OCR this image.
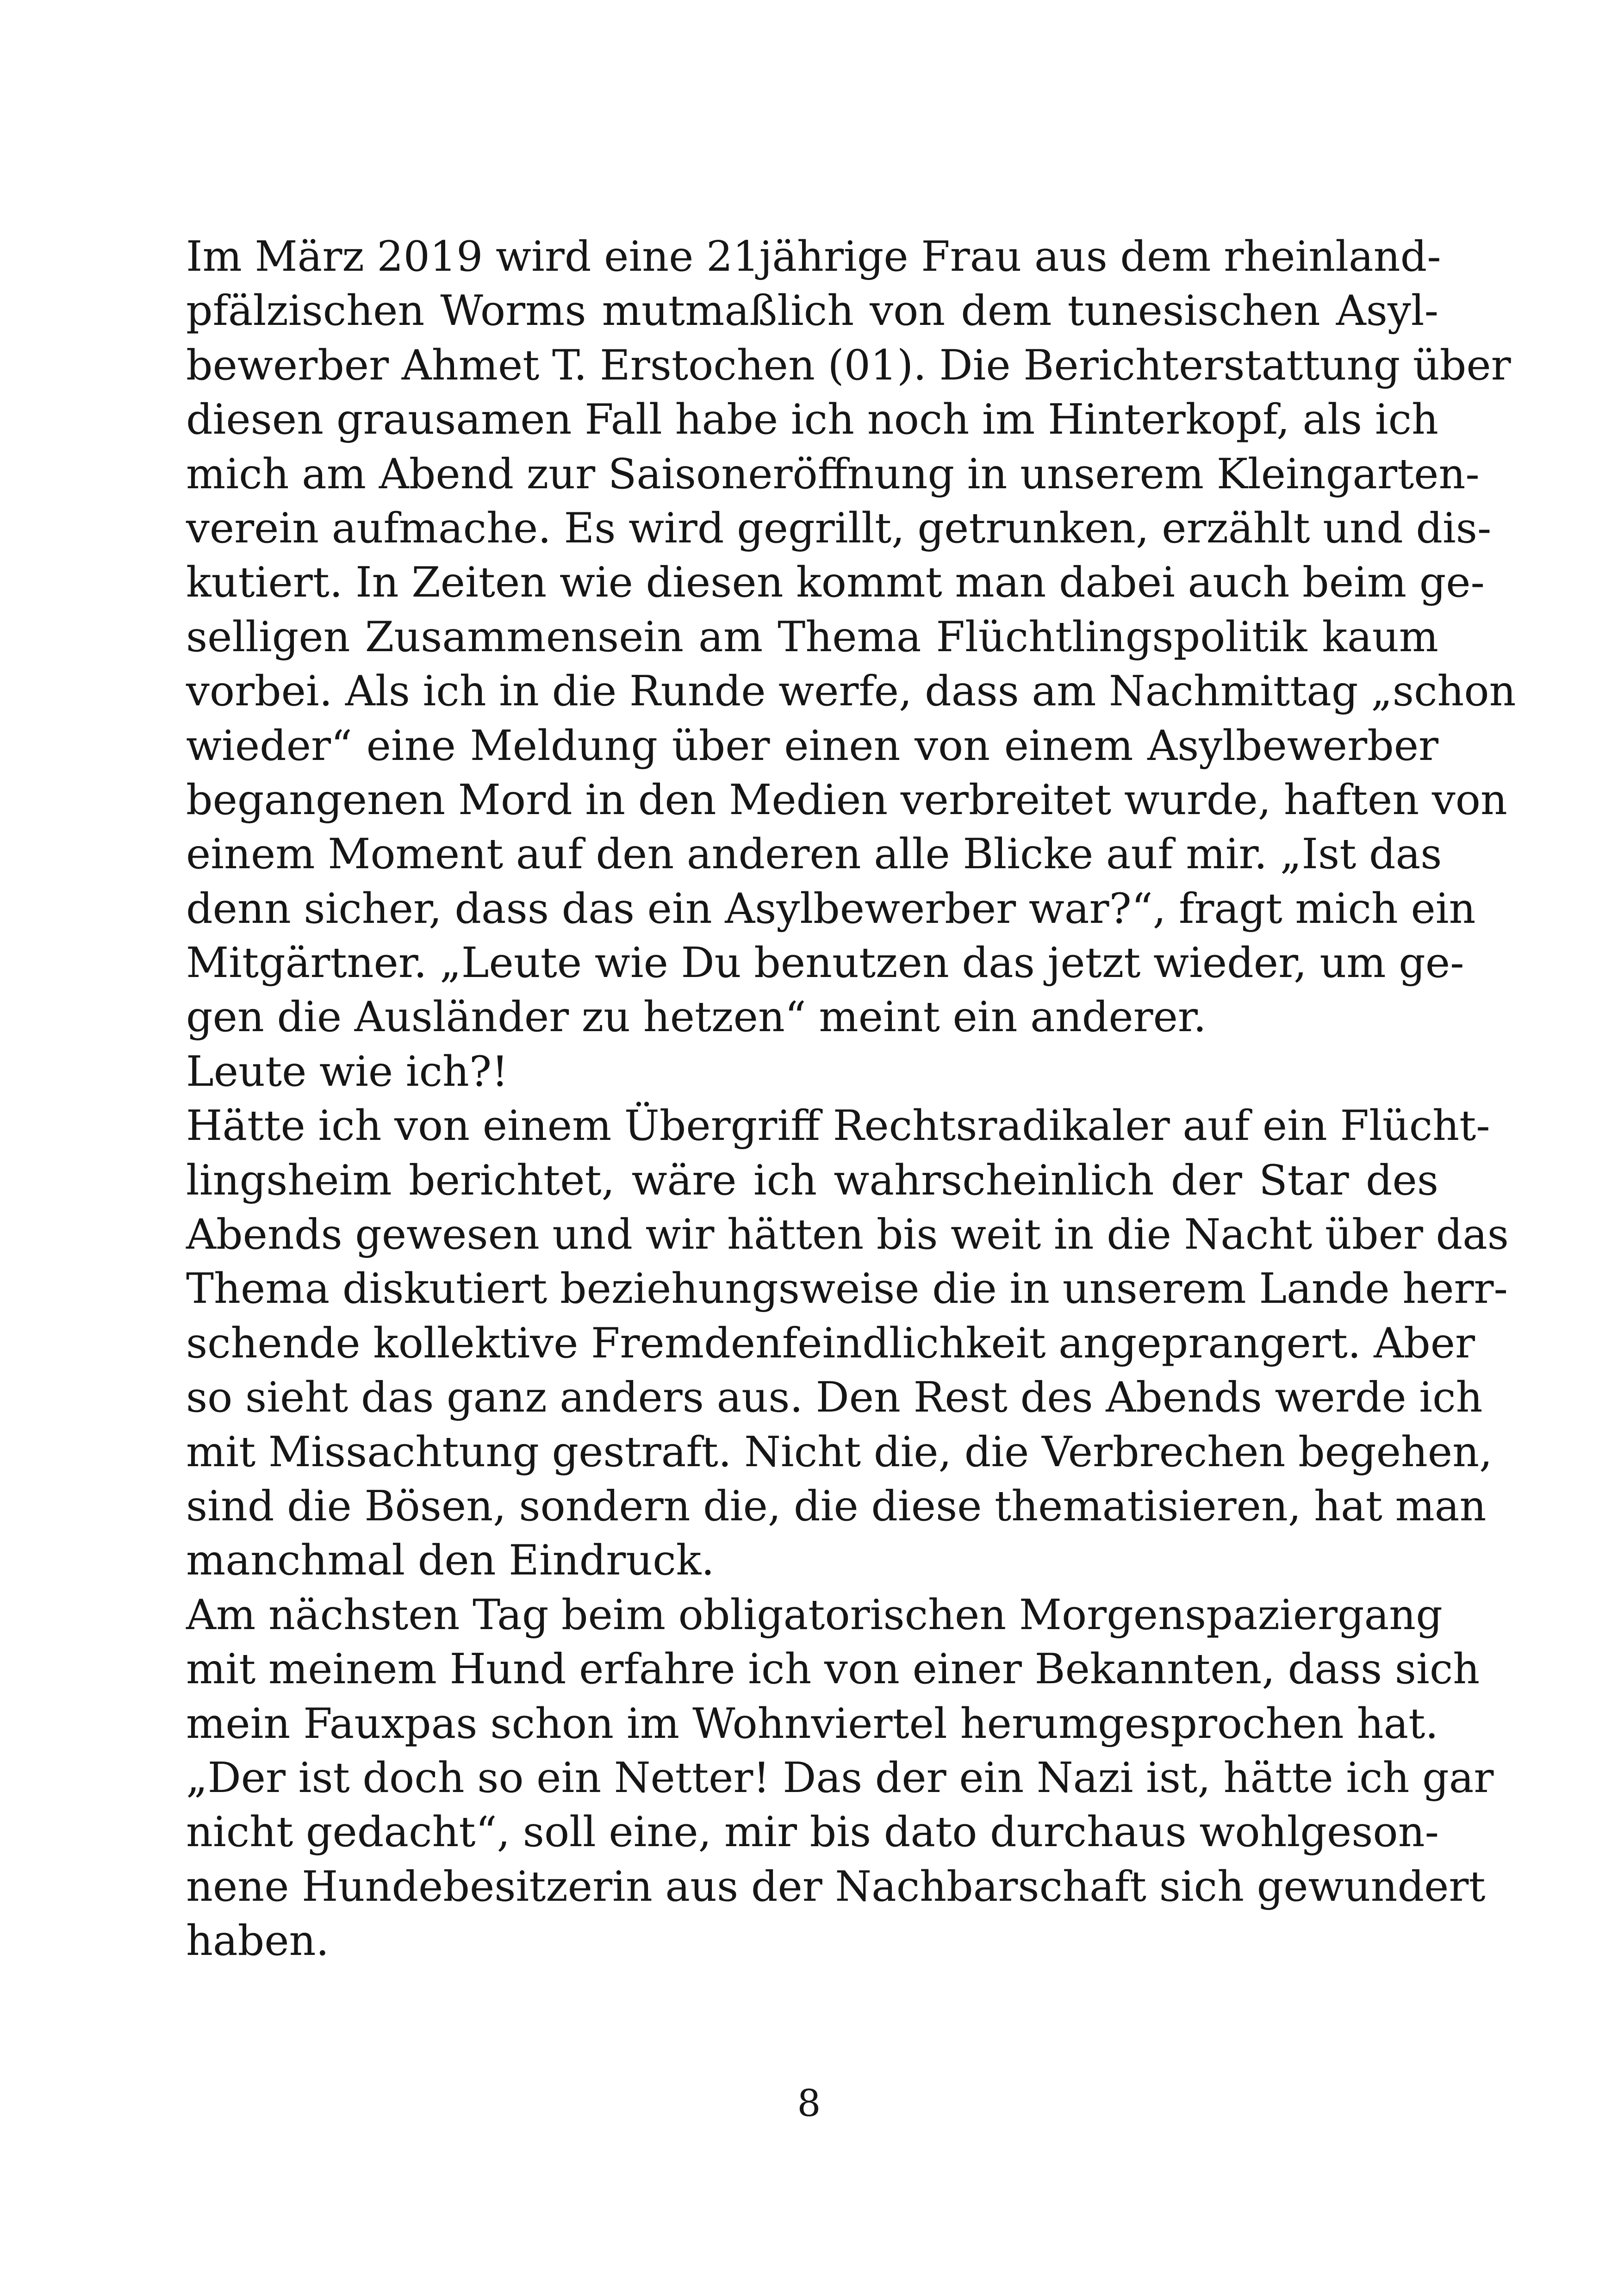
Im März 2019 wird eine 21jährige Frau aus dem rheinland-
pfälzischen Worms mutmaßlich von dem tunesischen Asyl-
bewerber Ahmet T. Erstochen (01). Die Berichterstattung über
diesen grausamen Fall habe ich noch im Hinterkopf, als ich
mich am Abend zur Saisoneröffnung in unserem Kleingarten-
verein aufmache. Es wird gegrillt, getrunken, erzählt und dis-
kutiert. In Zeiten wie diesen kommt man dabei auch beim ge-
selligen Zusammensein am Thema Flüchtlingspolitik kaum
vorbei. Als ich in die Runde werfe, dass am Nachmittag „schon
wieder“ eine Meldung über einen von einem Asylbewerber
begangenen Mord in den Medien verbreitet wurde, haften von
einem Moment auf den anderen alle Blicke auf mir. „Ist das
denn sicher, dass das ein Asylbewerber war?“, fragt mich ein
Mitgärtner. „Leute wie Du benutzen das jetzt wieder, um ge-
gen die Ausländer zu hetzen“ meint ein anderer.
Leute wie ich?!
Hätte ich von einem Übergriff Rechtsradikaler auf ein Flücht-
lingsheim berichtet, wäre ich wahrscheinlich der Star des
Abends gewesen und wir hätten bis weit in die Nacht über das
Thema diskutiert beziehungsweise die in unserem Lande herr-
schende kollektive Fremdenfeindlichkeit angeprangert. Aber
so sieht das ganz anders aus. Den Rest des Abends werde ich
mit Missachtung gestraft. Nicht die, die Verbrechen begehen,
sind die Bösen, sondern die, die diese thematisieren, hat man
manchmal den Eindruck.
Am nächsten Tag beim obligatorischen Morgenspaziergang
mit meinem Hund erfahre ich von einer Bekannten, dass sich
mein Fauxpas schon im Wohnviertel herumgesprochen hat.
„Der ist doch so ein Netter! Das der ein Nazi ist, hätte ich gar
nicht gedacht“, soll eine, mir bis dato durchaus wohlgeson-
nene Hundebesitzerin aus der Nachbarschaft sich gewundert
haben.
8
